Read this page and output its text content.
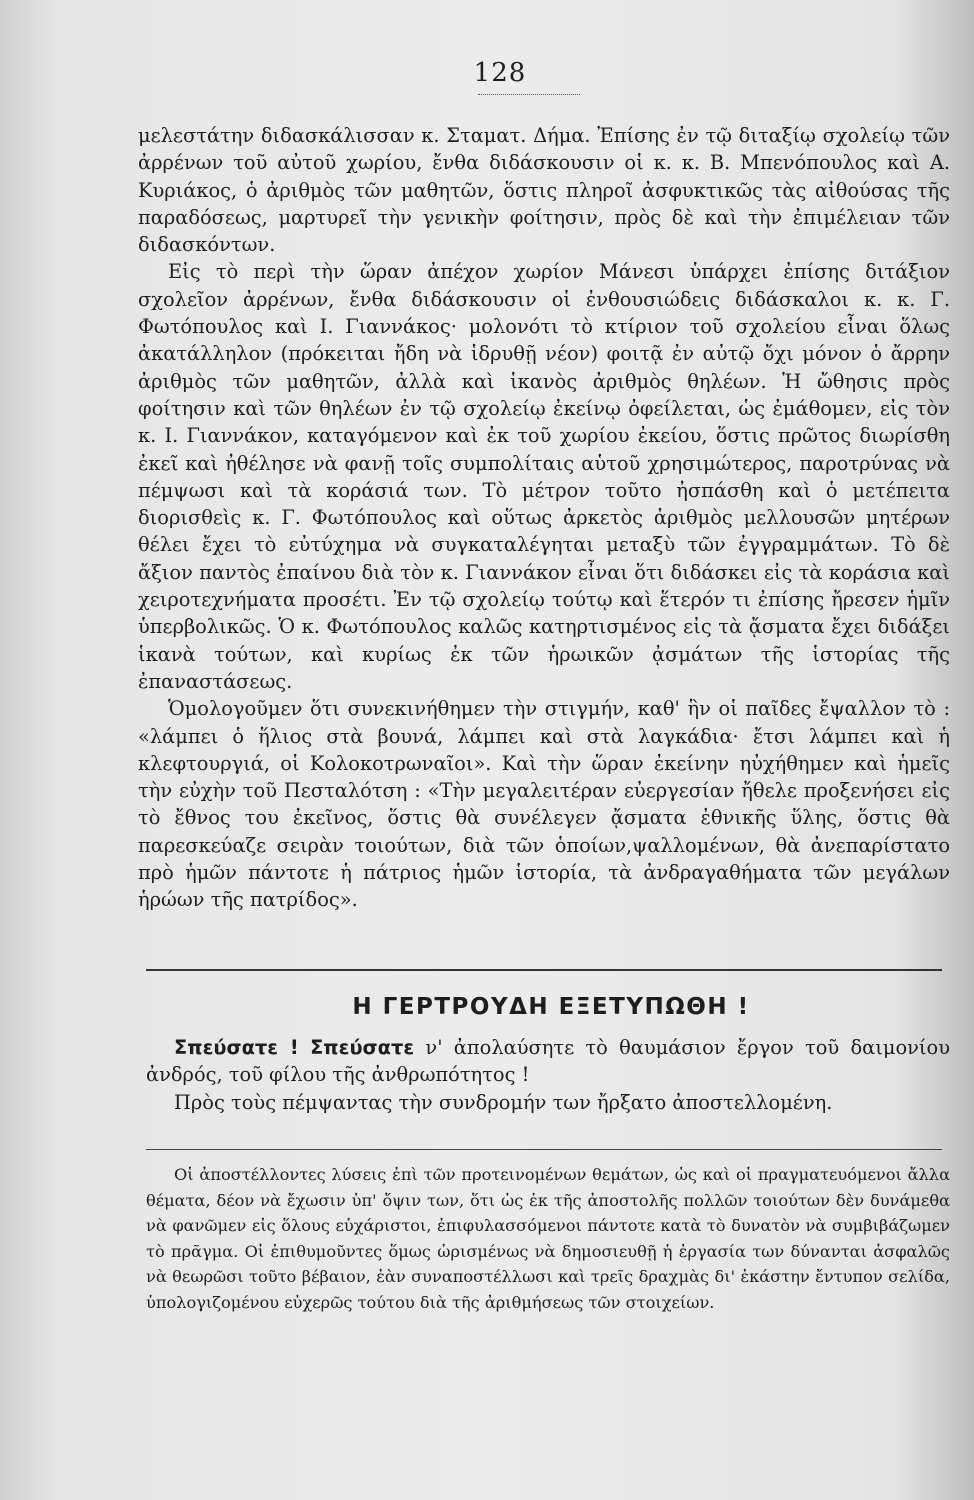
128

μελεστάτην διδασκάλισσαν κ. Σταματ. Δήμα. Ἐπίσης ἐν τῷ διταξίῳ σχολείῳ τῶν ἀρρένων τοῦ αὐτοῦ χωρίου, ἔνθα διδάσκουσιν οἱ κ. κ. Β. Μπενόπουλος καὶ Α. Κυριάκος, ὁ ἀριθμὸς τῶν μαθητῶν, ὅστις πληροῖ ἀσφυκτικῶς τὰς αἰθούσας τῆς παραδόσεως, μαρτυρεῖ τὴν γενικὴν φοίτησιν, πρὸς δὲ καὶ τὴν ἐπιμέλειαν τῶν διδασκόντων.

Εἰς τὸ περὶ τὴν ὥραν ἀπέχον χωρίον Μάνεσι ὑπάρχει ἐπίσης διτάξιον σχολεῖον ἀρρένων, ἔνθα διδάσκουσιν οἱ ἐνθουσιώδεις διδάσκαλοι κ. κ. Γ. Φωτόπουλος καὶ Ι. Γιαννάκος· μολονότι τὸ κτίριον τοῦ σχολείου εἶναι ὅλως ἀκατάλληλον (πρόκειται ἤδη νὰ ἱδρυθῇ νέον) φοιτᾷ ἐν αὐτῷ ὄχι μόνον ὁ ἄρρην ἀριθμὸς τῶν μαθητῶν, ἀλλὰ καὶ ἱκανὸς ἀριθμὸς θηλέων. Ἡ ὤθησις πρὸς φοίτησιν καὶ τῶν θηλέων ἐν τῷ σχολείῳ ἐκείνῳ ὀφείλεται, ὡς ἐμάθομεν, εἰς τὸν κ. Ι. Γιαννάκον, καταγόμενον καὶ ἐκ τοῦ χωρίου ἐκείου, ὅστις πρῶτος διωρίσθη ἐκεῖ καὶ ἠθέλησε νὰ φανῇ τοῖς συμπολίταις αὑτοῦ χρησιμώτερος, παροτρύνας νὰ πέμψωσι καὶ τὰ κοράσιά των. Τὸ μέτρον τοῦτο ἠσπάσθη καὶ ὁ μετέπειτα διορισθεὶς κ. Γ. Φωτόπουλος καὶ οὕτως ἀρκετὸς ἀριθμὸς μελλουσῶν μητέρων θέλει ἔχει τὸ εὐτύχημα νὰ συγκαταλέγηται μεταξὺ τῶν ἐγγραμμάτων. Τὸ δὲ ἄξιον παντὸς ἐπαίνου διὰ τὸν κ. Γιαννάκον εἶναι ὅτι διδάσκει εἰς τὰ κοράσια καὶ χειροτεχνήματα προσέτι. Ἐν τῷ σχολείῳ τούτῳ καὶ ἕτερόν τι ἐπίσης ἤρεσεν ἡμῖν ὑπερβολικῶς. Ὁ κ. Φωτόπουλος καλῶς κατηρτισμένος εἰς τὰ ᾄσματα ἔχει διδάξει ἱκανὰ τούτων, καὶ κυρίως ἐκ τῶν ἡρωικῶν ᾀσμάτων τῆς ἱστορίας τῆς ἐπαναστάσεως.

Ὁμολογοῦμεν ὅτι συνεκινήθημεν τὴν στιγμήν, καθ' ἣν οἱ παῖδες ἔψαλλον τὸ : «λάμπει ὁ ἥλιος στὰ βουνά, λάμπει καὶ στὰ λαγκάδια· ἔτσι λάμπει καὶ ἡ κλεφτουργιά, οἱ Κολοκοτρωναῖοι». Καὶ τὴν ὥραν ἐκείνην ηὐχήθημεν καὶ ἡμεῖς τὴν εὐχὴν τοῦ Πεσταλότση : «Τὴν μεγαλειτέραν εὐεργεσίαν ἤθελε προξενήσει εἰς τὸ ἔθνος του ἐκεῖνος, ὅστις θὰ συνέλεγεν ᾄσματα ἐθνικῆς ὕλης, ὅστις θὰ παρεσκεύαζε σειρὰν τοιούτων, διὰ τῶν ὁποίων,ψαλλομένων, θὰ ἀνεπαρίστατο πρὸ ἡμῶν πάντοτε ἡ πάτριος ἡμῶν ἱστορία, τὰ ἀνδραγαθήματα τῶν μεγάλων ἡρώων τῆς πατρίδος».

Η ΓΕΡΤΡΟΥΔΗ ΕΞΕΤΥΠΩΘΗ !

Σπεύσατε ! Σπεύσατε ν' ἀπολαύσητε τὸ θαυμάσιον ἔργον τοῦ δαιμονίου ἀνδρός, τοῦ φίλου τῆς ἀνθρωπότητος !

Πρὸς τοὺς πέμψαντας τὴν συνδρομήν των ἤρξατο ἀποστελλομένη.

Οἱ ἀποστέλλοντες λύσεις ἐπὶ τῶν προτεινομένων θεμάτων, ὡς καὶ οἱ πραγματευόμενοι ἄλλα θέματα, δέον νὰ ἔχωσιν ὑπ' ὄψιν των, ὅτι ὡς ἐκ τῆς ἀποστολῆς πολλῶν τοιούτων δὲν δυνάμεθα νὰ φανῶμεν εἰς ὅλους εὐχάριστοι, ἐπιφυλασσόμενοι πάντοτε κατὰ τὸ δυνατὸν νὰ συμβιβάζωμεν τὸ πρᾶγμα. Οἱ ἐπιθυμοῦντες ὅμως ὡρισμένως νὰ δημοσιευθῇ ἡ ἐργασία των δύνανται ἀσφαλῶς νὰ θεωρῶσι τοῦτο βέβαιον, ἐὰν συναποστέλλωσι καὶ τρεῖς δραχμὰς δι' ἑκάστην ἔντυπον σελίδα, ὑπολογιζομένου εὐχερῶς τούτου διὰ τῆς ἀριθμήσεως τῶν στοιχείων.
